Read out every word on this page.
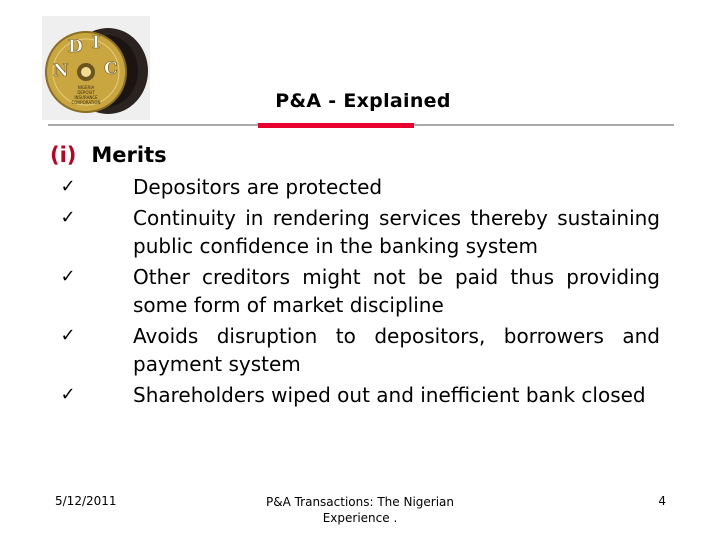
D I
N C
NIGERIA
DEPOSIT
INSURANCE
CORPORATION	P&A - Explained
(i) Merits
✓	Depositors are protected
✓	Continuity in rendering services thereby sustaining public confidence in the banking system
✓	Other creditors might not be paid thus providing some form of market discipline
✓	Avoids disruption to depositors, borrowers and payment system
✓	Shareholders wiped out and inefficient bank closed
5/12/2011	P&A Transactions: The Nigerian Experience .
4
